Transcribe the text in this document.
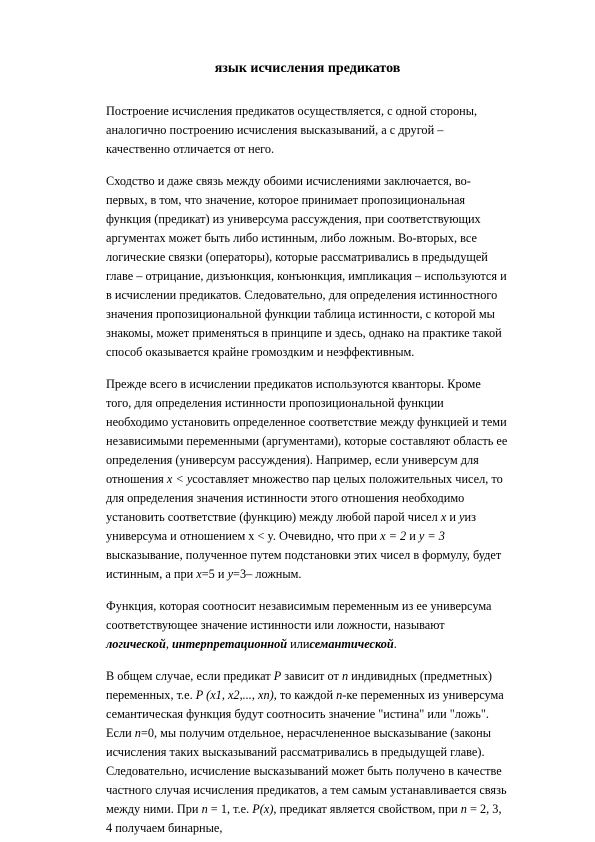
язык исчисления предикатов

Построение исчисления предикатов осуществляется, с одной стороны, аналогично построению исчисления высказываний, а с другой – качественно отличается от него.

Сходство и даже связь между обоими исчислениями заключается, во-первых, в том, что значение, которое принимает пропозициональная функция (предикат) из универсума рассуждения, при соответствующих аргументах может быть либо истинным, либо ложным. Во-вторых, все логические связки (операторы), которые рассматривались в предыдущей главе – отрицание, дизъюнкция, конъюнкция, импликация – используются и в исчислении предикатов. Следовательно, для определения истинностного значения пропозициональной функции таблица истинности, с которой мы знакомы, может применяться в принципе и здесь, однако на практике такой способ оказывается крайне громоздким и неэффективным.

Прежде всего в исчислении предикатов используются кванторы. Кроме того, для определения истинности пропозициональной функции необходимо установить определенное соответствие между функцией и теми независимыми переменными (аргументами), которые составляют область ее определения (универсум рассуждения). Например, если универсум для отношения x < yсоставляет множество пар целых положительных чисел, то для определения значения истинности этого отношения необходимо установить соответствие (функцию) между любой парой чисел x и yиз универсума и отношением x < y. Очевидно, что при x = 2 и y = 3 высказывание, полученное путем подстановки этих чисел в формулу, будет истинным, а при x=5 и y=3– ложным.

Функция, которая соотносит независимым переменным из ее универсума соответствующее значение истинности или ложности, называют логической, интерпретационной илисемантической.

В общем случае, если предикат P зависит от n индивидных (предметных) переменных, т.е. P (x1, x2,..., xn), то каждой n-ке переменных из универсума семантическая функция будут соотносить значение "истина" или "ложь". Если n=0, мы получим отдельное, нерасчлененное высказывание (законы исчисления таких высказываний рассматривались в предыдущей главе). Следовательно, исчисление высказываний может быть получено в качестве частного случая исчисления предикатов, а тем самым устанавливается связь между ними. При n = 1, т.е. P(x), предикат является свойством, при n = 2, 3, 4 получаем бинарные,
